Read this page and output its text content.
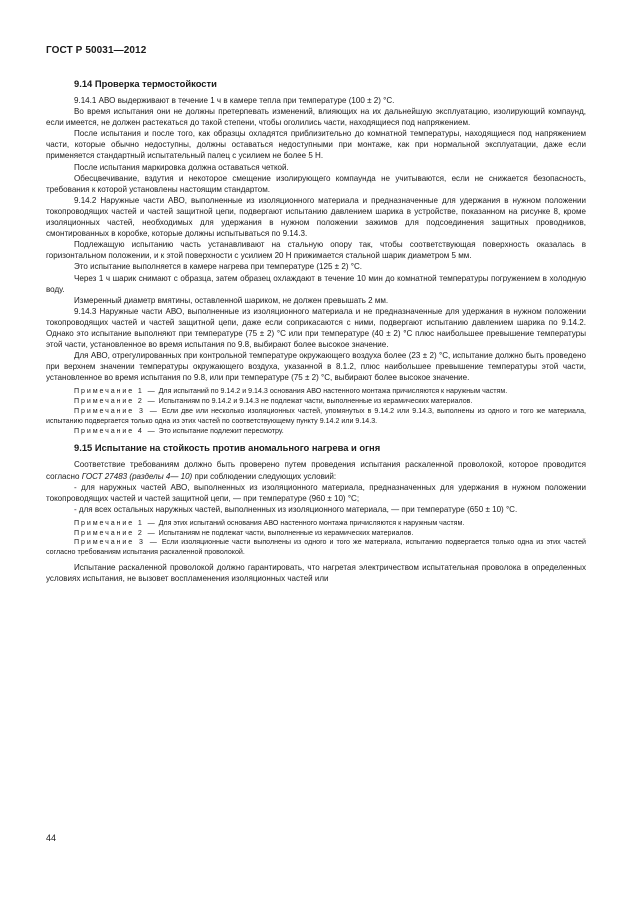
ГОСТ Р 50031—2012
9.14 Проверка термостойкости

9.14.1 АВО выдерживают в течение 1 ч в камере тепла при температуре (100 ± 2) °С.

Во время испытания они не должны претерпевать изменений, влияющих на их дальнейшую эксплуатацию, изолирующий компаунд, если имеется, не должен растекаться до такой степени, чтобы оголились части, находящиеся под напряжением.

После испытания и после того, как образцы охладятся приблизительно до комнатной температуры, находящиеся под напряжением части, которые обычно недоступны, должны оставаться недоступными при монтаже, как при нормальной эксплуатации, даже если применяется стандартный испытательный палец с усилием не более 5 Н.

После испытания маркировка должна оставаться четкой.

Обесцвечивание, вздутия и некоторое смещение изолирующего компаунда не учитываются, если не снижается безопасность, требования к которой установлены настоящим стандартом.

9.14.2 Наружные части АВО, выполненные из изоляционного материала и предназначенные для удержания в нужном положении токопроводящих частей и частей защитной цепи, подвергают испытанию давлением шарика в устройстве, показанном на рисунке 8, кроме изоляционных частей, необходимых для удержания в нужном положении зажимов для подсоединения защитных проводников, смонтированных в коробке, которые должны испытываться по 9.14.3.

Подлежащую испытанию часть устанавливают на стальную опору так, чтобы соответствующая поверхность оказалась в горизонтальном положении, и к этой поверхности с усилием 20 Н прижимается стальной шарик диаметром 5 мм.

Это испытание выполняется в камере нагрева при температуре (125 ± 2) °С.

Через 1 ч шарик снимают с образца, затем образец охлаждают в течение 10 мин до комнатной температуры погружением в холодную воду.

Измеренный диаметр вмятины, оставленной шариком, не должен превышать 2 мм.

9.14.3 Наружные части АВО, выполненные из изоляционного материала и не предназначенные для удержания в нужном положении токопроводящих частей и частей защитной цепи, даже если соприкасаются с ними, подвергают испытанию давлением шарика по 9.14.2. Однако это испытание выполняют при температуре (75 ± 2) °С или при температуре (40 ± 2) °С плюс наибольшее превышение температуры этой части, установленное во время испытания по 9.8, выбирают более высокое значение.

Для АВО, отрегулированных при контрольной температуре окружающего воздуха более (23 ± 2) °С, испытание должно быть проведено при верхнем значении температуры окружающего воздуха, указанной в 8.1.2, плюс наибольшее превышение температуры этой части, установленное во время испытания по 9.8, или при температуре (75 ± 2) °С, выбирают более высокое значение.

Примечание 1 — Для испытаний по 9.14.2 и 9.14.3 основания АВО настенного монтажа причисляются к наружным частям.

Примечание 2 — Испытаниям по 9.14.2 и 9.14.3 не подлежат части, выполненные из керамических материалов.

Примечание 3 — Если две или несколько изоляционных частей, упомянутых в 9.14.2 или 9.14.3, выполнены из одного и того же материала, испытанию подвергается только одна из этих частей по соответствующему пункту 9.14.2 или 9.14.3.

Примечание 4 — Это испытание подлежит пересмотру.

9.15 Испытание на стойкость против аномального нагрева и огня

Соответствие требованиям должно быть проверено путем проведения испытания раскаленной проволокой, которое проводится согласно ГОСТ 27483 (разделы 4— 10) при соблюдении следующих условий:

- для наружных частей АВО, выполненных из изоляционного материала, предназначенных для удержания в нужном положении токопроводящих частей и частей защитной цепи, — при температуре (960 ± 10) °С;

- для всех остальных наружных частей, выполненных из изоляционного материала, — при температуре (650 ± 10) °С.

Примечание 1 — Для этих испытаний основания АВО настенного монтажа причисляются к наружным частям.

Примечание 2 — Испытаниям не подлежат части, выполненные из керамических материалов.

Примечание 3 — Если изоляционные части выполнены из одного и того же материала, испытанию подвергается только одна из этих частей согласно требованиям испытания раскаленной проволокой.

Испытание раскаленной проволокой должно гарантировать, что нагретая электричеством испытательная проволока в определенных условиях испытания, не вызовет воспламенения изоляционных частей или

44
